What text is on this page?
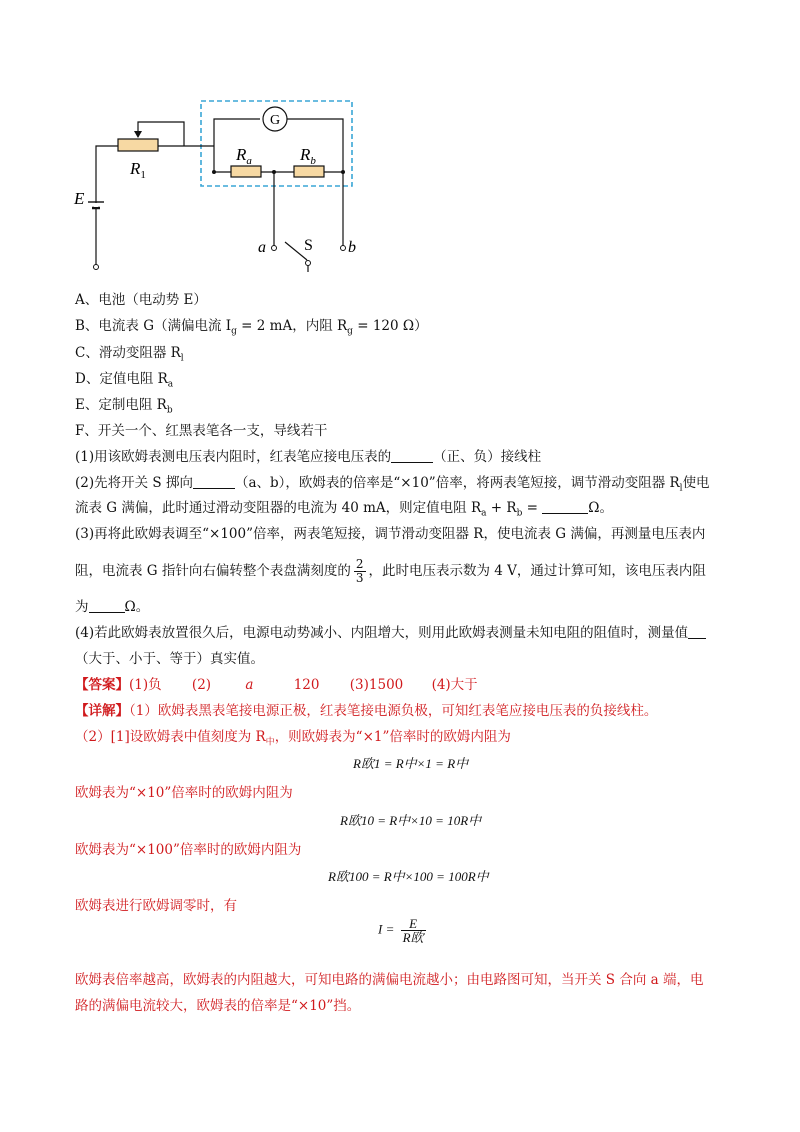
G
$R_1$
$R_a$	$R_b$
E
S
a	b
A、电池（电动势 E）
B、电流表 G（满偏电流 $I_g = 2$ mA，内阻 $R_g = 120$ Ω）
C、滑动变阻器 $R_l$
D、定值电阻 $R_a$
E、定制电阻 $R_b$
F、开关一个、红黑表笔各一支，导线若干
(1)用该欧姆表测电压表内阻时，红表笔应接电压表的	（正、负）接线柱
(2)先将开关 S 掷向	（a、b），欧姆表的倍率是“×10”倍率，将两表笔短接，调节滑动变阻器 $R_l$使电
流表 G 满偏，此时通过滑动变阻器的电流为 40 mA，则定值电阻 $R_a + R_b$ =	Ω。
(3)再将此欧姆表调至“×100”倍率，两表笔短接，调节滑动变阻器 R，使电流表 G 满偏，再测量电压表内
阻，电流表 G 指针向右偏转整个表盘满刻度的 $\frac{2}{3}$ ，此时电压表示数为 4 V，通过计算可知，该电压表内阻
为	Ω。
(4)若此欧姆表放置很久后，电源电动势减小、内阻增大，则用此欧姆表测量未知电阻的阻值时，测量值
（大于、小于、等于）真实值。
【答案】(1)负 (2)	a	120 (3)1500 (4)大于
【详解】（1）欧姆表黑表笔接电源正极，红表笔接电源负极，可知红表笔应接电压表的负接线柱。
（2）[1]设欧姆表中值刻度为 $R_中$，则欧姆表为“×1”倍率时的欧姆内阻为
R欧1 = R中×1 = R中
欧姆表为“×10”倍率时的欧姆内阻为
R欧10 = R中×10 = 10R中
欧姆表为“×100”倍率时的欧姆内阻为
R欧100 = R中×100 = 100R中
欧姆表进行欧姆调零时，有
$I = \frac{E}{\text{R欧}}$
欧姆表倍率越高，欧姆表的内阻越大，可知电路的满偏电流越小；由电路图可知，当开关 S 合向 a 端，电
路的满偏电流较大，欧姆表的倍率是“×10”挡。
